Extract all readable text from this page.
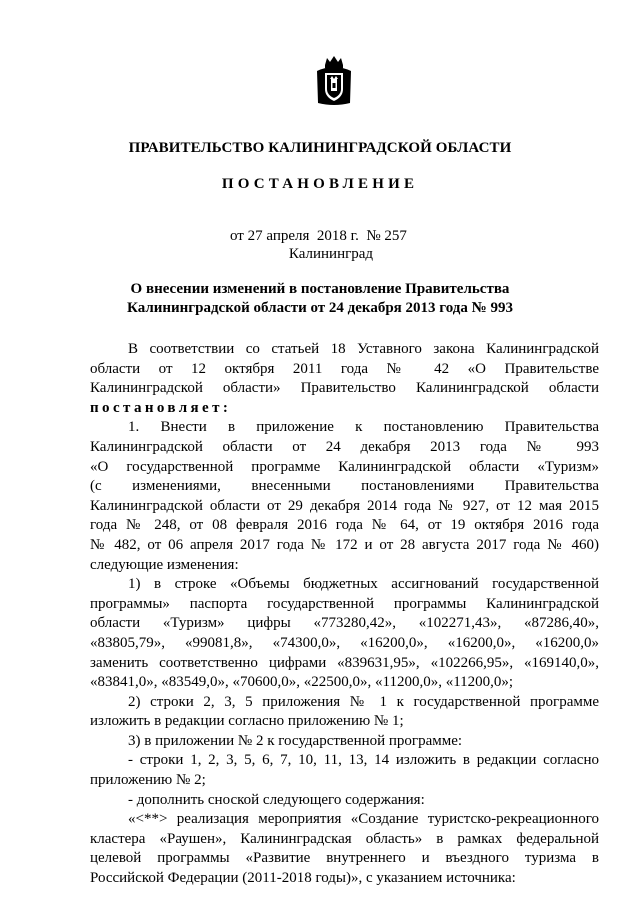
ПРАВИТЕЛЬСТВО КАЛИНИНГРАДСКОЙ ОБЛАСТИ
ПОСТАНОВЛЕНИЕ
от 27 апреля  2018 г.  № 257
Калининград
О внесении изменений в постановление Правительства
Калининградской области от 24 декабря 2013 года № 993

В соответствии со статьей 18 Уставного закона Калининградской

области от 12 октября 2011 года № 42 «О Правительстве

Калининградской области» Правительство Калининградской области

постановляет:

1. Внести в приложение к постановлению Правительства

Калининградской области от 24 декабря 2013 года № 993

«О государственной программе Калининградской области «Туризм»

(с изменениями, внесенными постановлениями Правительства

Калининградской области от 29 декабря 2014 года № 927, от 12 мая 2015

года № 248, от 08 февраля 2016 года № 64, от 19 октября 2016 года

№ 482, от 06 апреля 2017 года № 172 и от 28 августа 2017 года № 460)

следующие изменения:

1) в строке «Объемы бюджетных ассигнований государственной

программы» паспорта государственной программы Калининградской

области «Туризм» цифры «773280,42», «102271,43», «87286,40»,

«83805,79», «99081,8», «74300,0», «16200,0», «16200,0», «16200,0»

заменить соответственно цифрами «839631,95», «102266,95», «169140,0»,

«83841,0», «83549,0», «70600,0», «22500,0», «11200,0», «11200,0»;

2) строки 2, 3, 5 приложения № 1 к государственной программе

изложить в редакции согласно приложению № 1;

3) в приложении № 2 к государственной программе:

- строки 1, 2, 3, 5, 6, 7, 10, 11, 13, 14 изложить в редакции согласно

приложению № 2;

- дополнить сноской следующего содержания:

«<**> реализация мероприятия «Создание туристско-рекреационного

кластера «Раушен», Калининградская область» в рамках федеральной

целевой программы «Развитие внутреннего и въездного туризма в

Российской Федерации (2011-2018 годы)», с указанием источника:
